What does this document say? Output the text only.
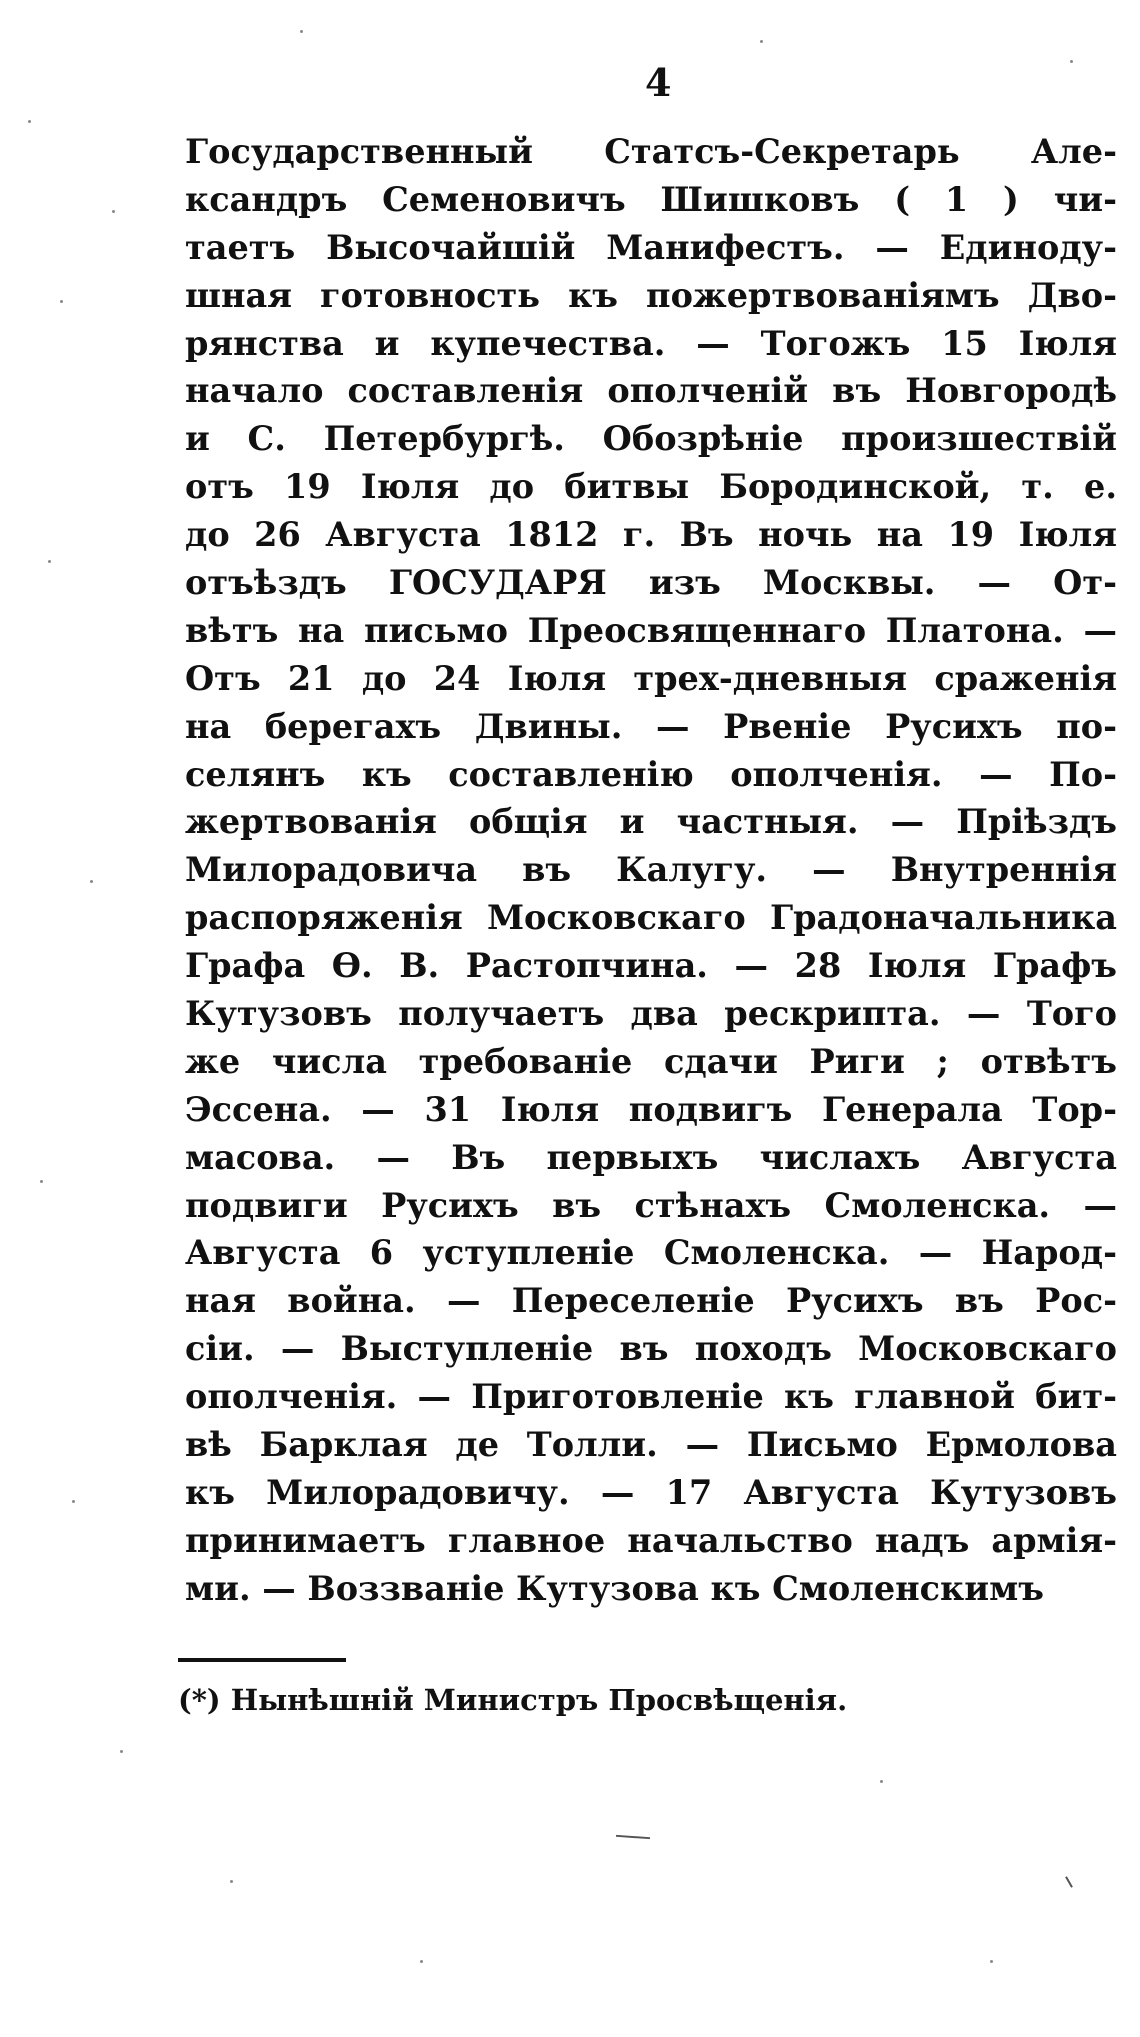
4
Государственный Статсъ-Секретарь Але-
ксандръ Семеновичъ Шишковъ ( 1 ) чи-
таетъ Высочайшій Манифестъ. — Единоду-
шная готовность къ пожертвованіямъ Дво-
рянства и купечества. — Тогожъ 15 Іюля
начало составленія ополченій въ Новгородѣ
и С. Петербургѣ. Обозрѣніе произшествій
отъ 19 Іюля до битвы Бородинской, т. е.
до 26 Августа 1812 г. Въ ночь на 19 Іюля
отъѣздъ ГОСУДАРЯ изъ Москвы. — От-
вѣтъ на письмо Преосвященнаго Платона. —
Отъ 21 до 24 Іюля трех-дневныя сраженія
на берегахъ Двины. — Рвеніе Русихъ по-
селянъ къ составленію ополченія. — По-
жертвованія общія и частныя. — Пріѣздъ
Милорадовича въ Калугу. — Внутреннія
распоряженія Московскаго Градоначальника
Графа Ѳ. В. Растопчина. — 28 Іюля Графъ
Кутузовъ получаетъ два рескрипта. — Того
же числа требованіе сдачи Риги ; отвѣтъ
Эссена. — 31 Іюля подвигъ Генерала Тор-
масова. — Въ первыхъ числахъ Августа
подвиги Русихъ въ стѣнахъ Смоленска. —
Августа 6 уступленіе Смоленска. — Народ-
ная война. — Переселеніе Русихъ въ Рос-
сіи. — Выступленіе въ походъ Московскаго
ополченія. — Приготовленіе къ главной бит-
вѣ Барклая де Толли. — Письмо Ермолова
къ Милорадовичу. — 17 Августа Кутузовъ
принимаетъ главное начальство надъ армія-
ми. — Воззваніе Кутузова къ Смоленскимъ
(*) Нынѣшній Министръ Просвѣщенія.
